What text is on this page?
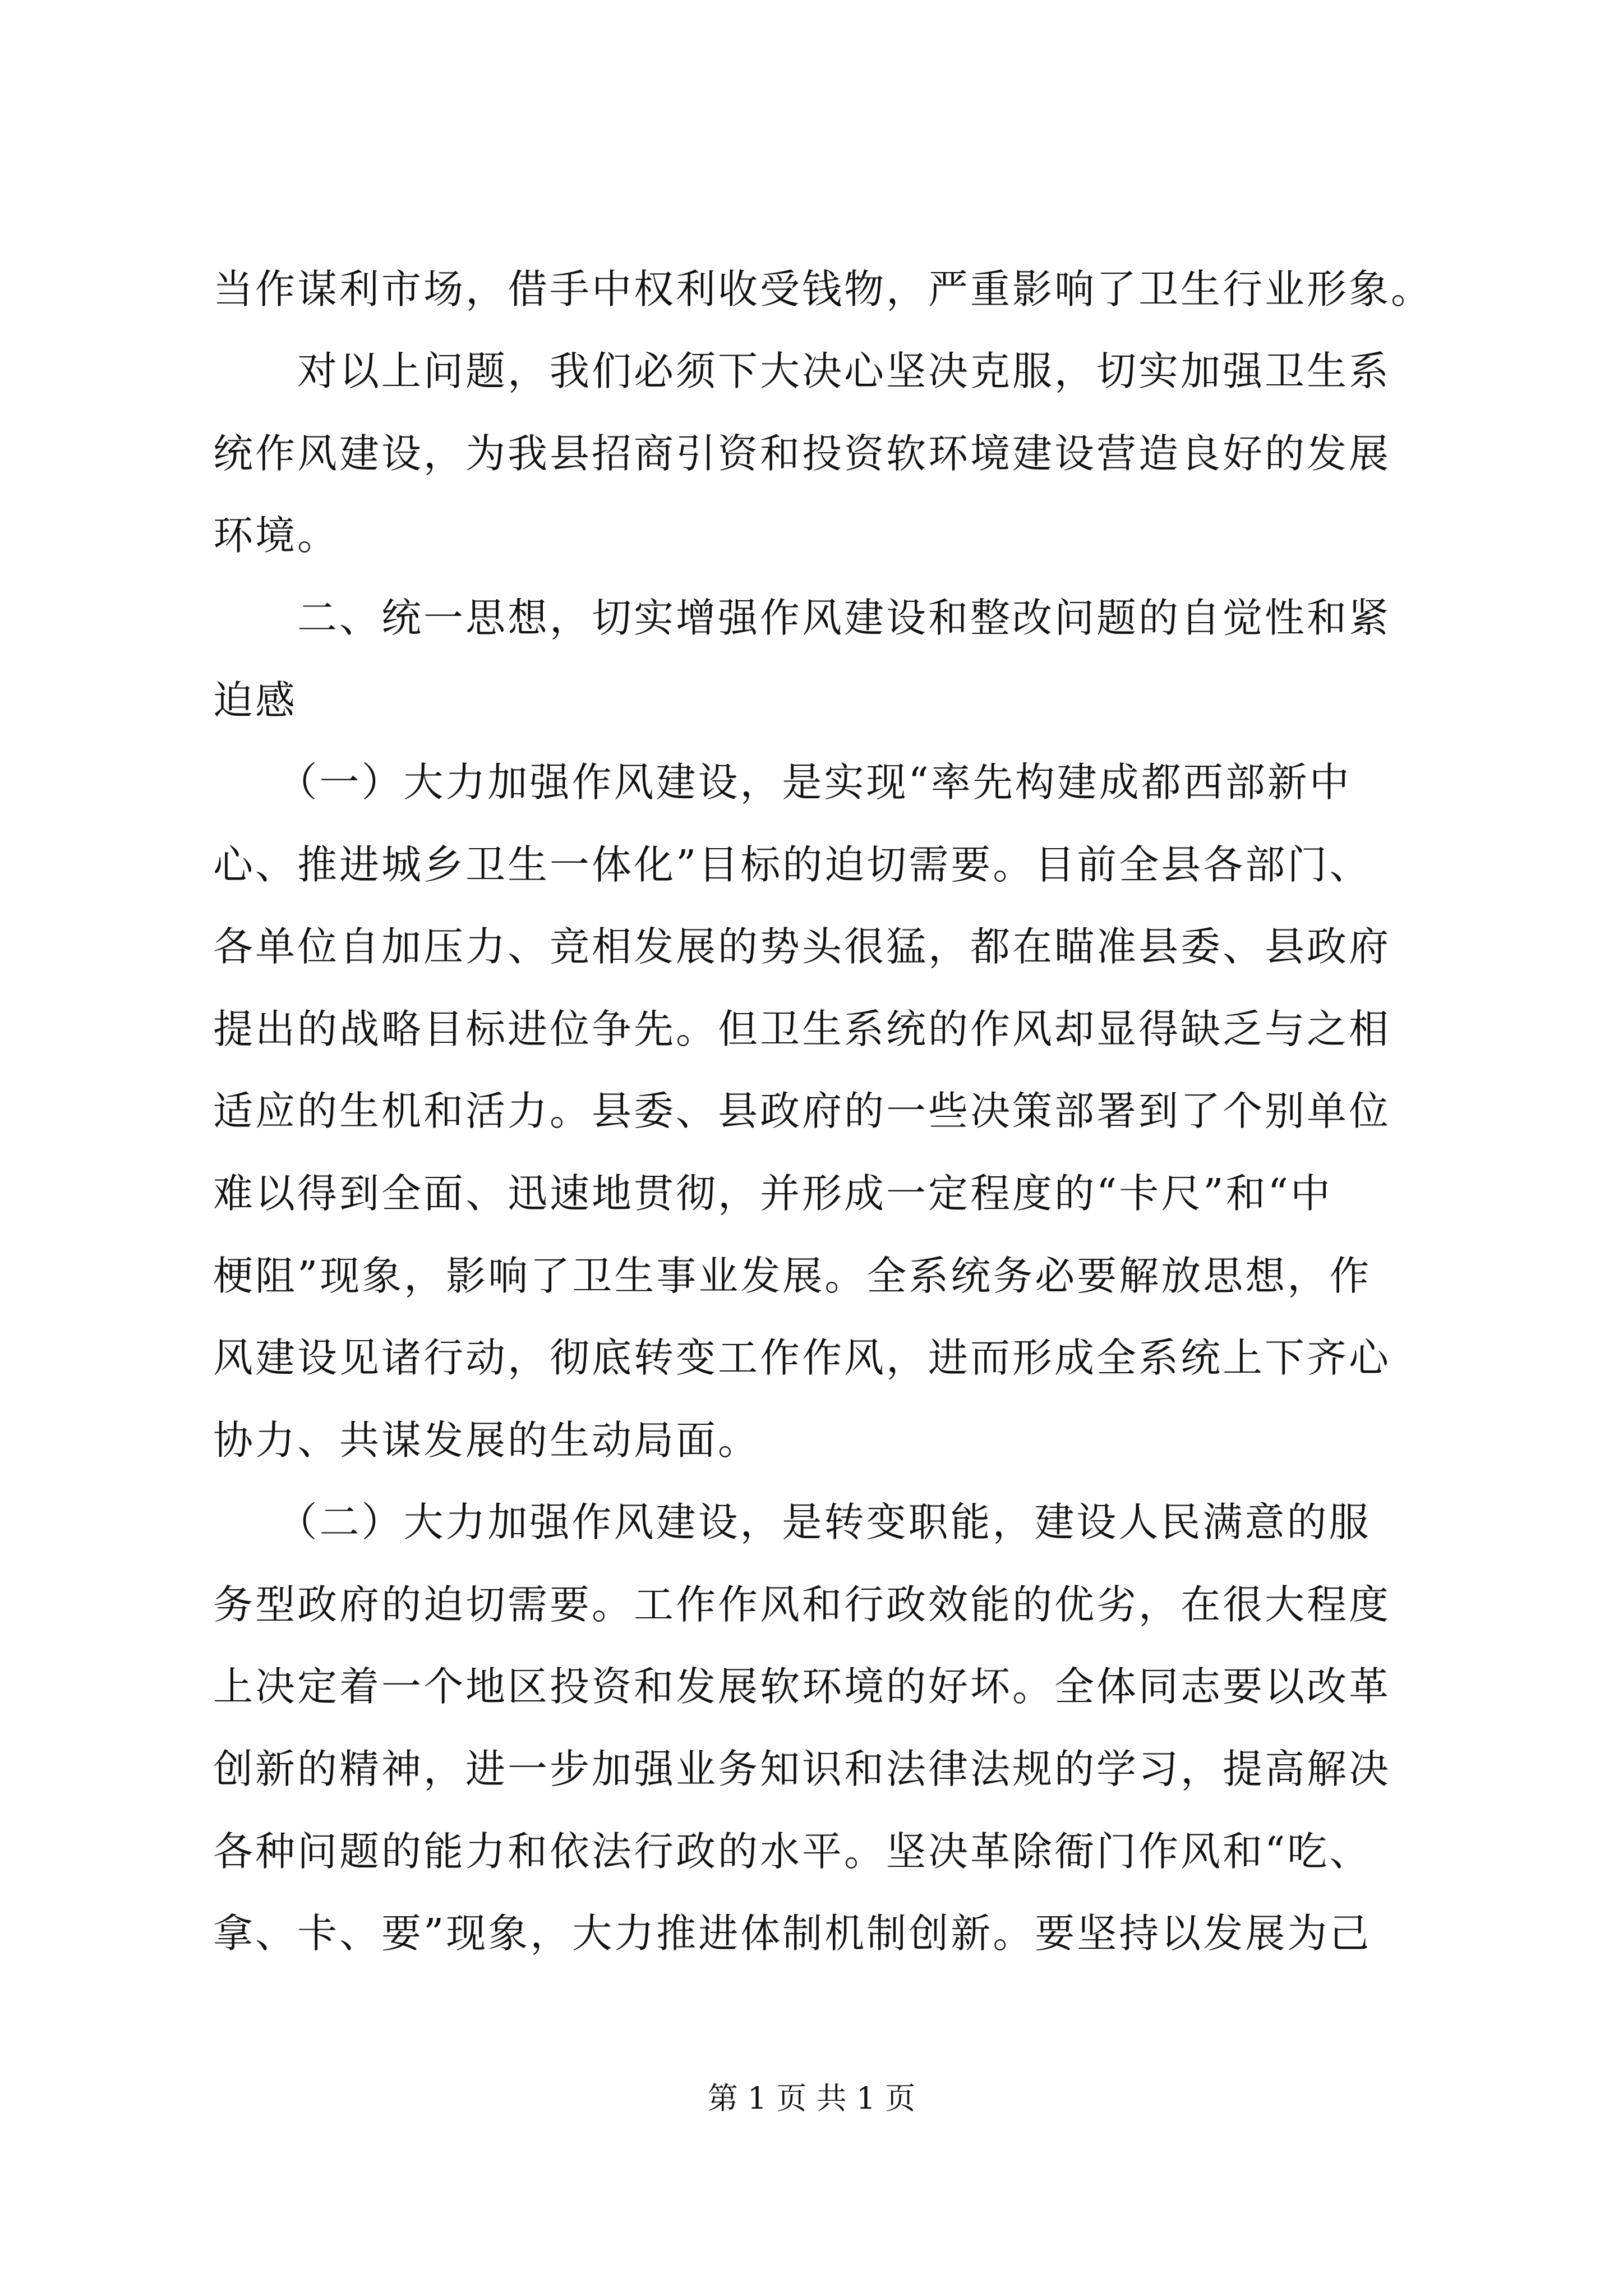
当作谋利市场，借手中权利收受钱物，严重影响了卫生行业形象。
　　对以上问题，我们必须下大决心坚决克服，切实加强卫生系
统作风建设，为我县招商引资和投资软环境建设营造良好的发展
环境。
　　二、统一思想，切实增强作风建设和整改问题的自觉性和紧
迫感
　　（一）大力加强作风建设，是实现“率先构建成都西部新中
心、推进城乡卫生一体化”目标的迫切需要。目前全县各部门、
各单位自加压力、竞相发展的势头很猛，都在瞄准县委、县政府
提出的战略目标进位争先。但卫生系统的作风却显得缺乏与之相
适应的生机和活力。县委、县政府的一些决策部署到了个别单位
难以得到全面、迅速地贯彻，并形成一定程度的“卡尺”和“中
梗阻”现象，影响了卫生事业发展。全系统务必要解放思想，作
风建设见诸行动，彻底转变工作作风，进而形成全系统上下齐心
协力、共谋发展的生动局面。
　　（二）大力加强作风建设，是转变职能，建设人民满意的服
务型政府的迫切需要。工作作风和行政效能的优劣，在很大程度
上决定着一个地区投资和发展软环境的好坏。全体同志要以改革
创新的精神，进一步加强业务知识和法律法规的学习，提高解决
各种问题的能力和依法行政的水平。坚决革除衙门作风和“吃、
拿、卡、要”现象，大力推进体制机制创新。要坚持以发展为己
第 1 页 共 1 页
